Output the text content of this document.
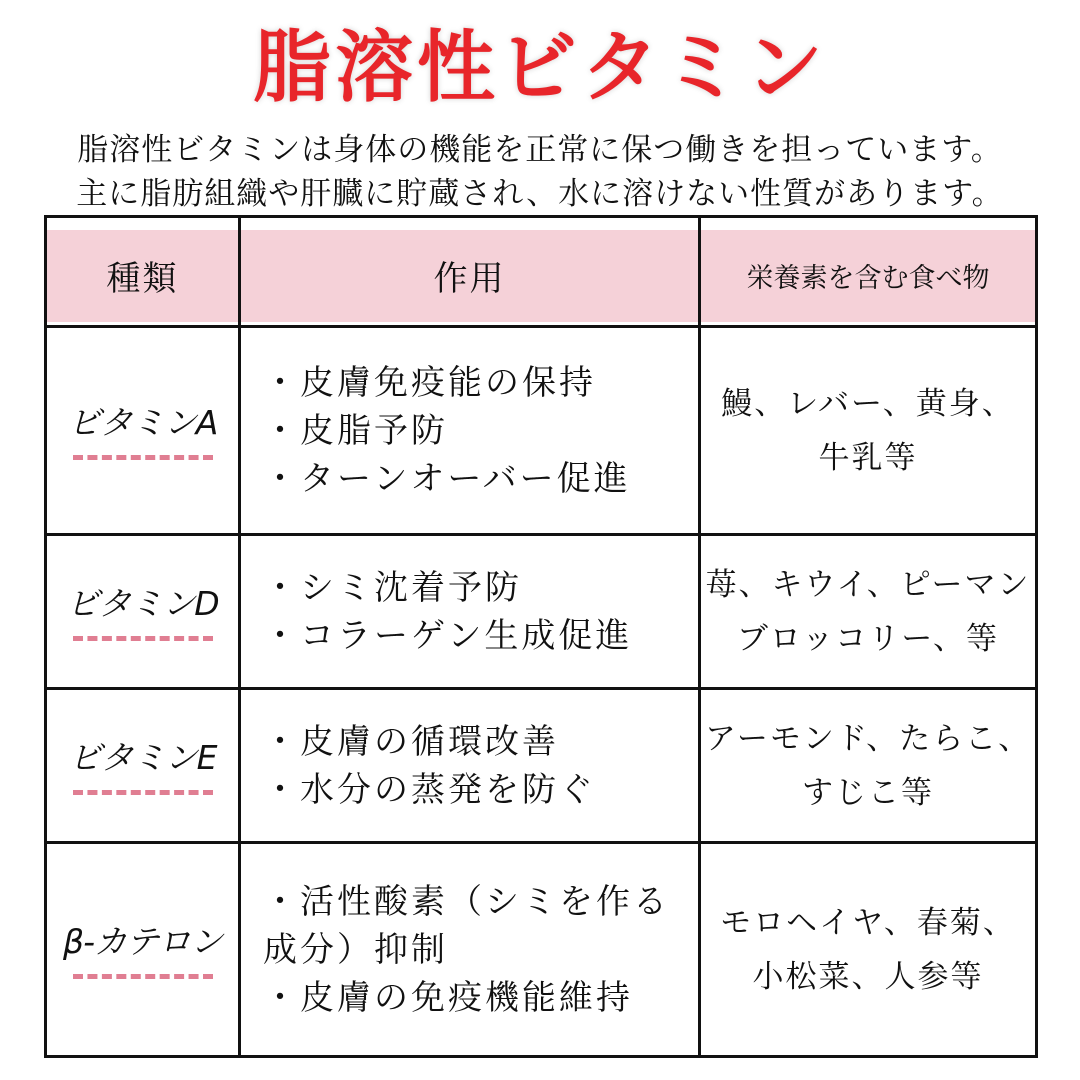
脂溶性ビタミン
脂溶性ビタミンは身体の機能を正常に保つ働きを担っています。
主に脂肪組織や肝臓に貯蔵され、水に溶けない性質があります。
種類	作用	栄養素を含む食べ物
ビタミンA
・皮膚免疫能の保持
・皮脂予防
・ターンオーバー促進
鰻、レバー、黄身、
牛乳等
ビタミンD ・シミ沈着予防
・コラーゲン生成促進
苺、キウイ、ピーマン
ブロッコリー、等
ビタミンE ・皮膚の循環改善
・水分の蒸発を防ぐ
アーモンド、たらこ、
すじこ等
β-カテロン
・活性酸素（シミを作る
成分）抑制
・皮膚の免疫機能維持
モロヘイヤ、春菊、
小松菜、人参等
